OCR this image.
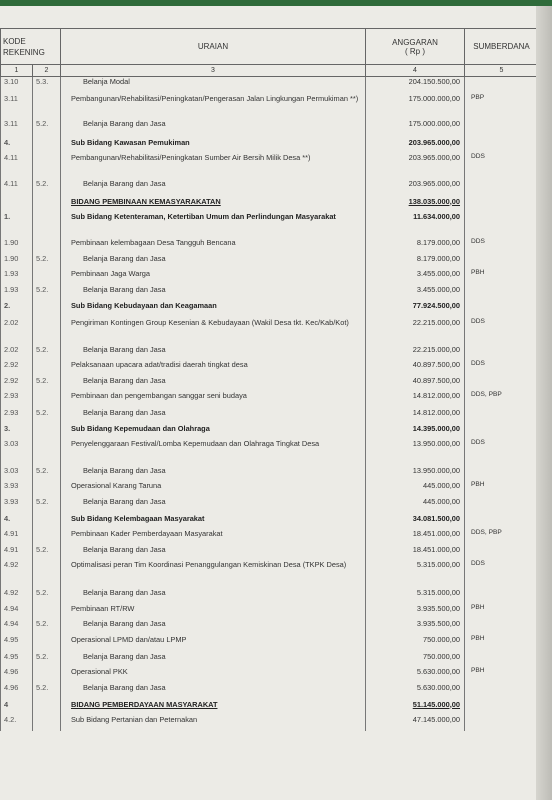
KODE REKENING		URAIAN	ANGGARAN
( Rp )	SUMBERDANA
1	2	3	4	5
3.10	5.3.	Belanja Modal	204.150.500,00	
3.11		Pembangunan/Rehabilitasi/Peningkatan/Pengerasan Jalan Lingkungan Permukiman **)	175.000.000,00	PBP
3.11	5.2.	Belanja Barang dan Jasa	175.000.000,00	
4.		Sub Bidang Kawasan Pemukiman	203.965.000,00	
4.11		Pembangunan/Rehabilitasi/Peningkatan Sumber Air Bersih Milik Desa **)	203.965.000,00	DDS
4.11	5.2.	Belanja Barang dan Jasa	203.965.000,00	
		BIDANG PEMBINAAN KEMASYARAKATAN	138.035.000,00	
1.		Sub Bidang Ketenteraman, Ketertiban Umum dan Perlindungan Masyarakat	11.634.000,00	
1.90		Pembinaan kelembagaan Desa Tangguh Bencana	8.179.000,00	DDS
1.90	5.2.	Belanja Barang dan Jasa	8.179.000,00	
1.93		Pembinaan Jaga Warga	3.455.000,00	PBH
1.93	5.2.	Belanja Barang dan Jasa	3.455.000,00	
2.		Sub Bidang Kebudayaan dan Keagamaan	77.924.500,00	
2.02		Pengiriman Kontingen Group Kesenian & Kebudayaan (Wakil Desa tkt. Kec/Kab/Kot)	22.215.000,00	DDS
2.02	5.2.	Belanja Barang dan Jasa	22.215.000,00	
2.92		Pelaksanaan upacara adat/tradisi daerah tingkat desa	40.897.500,00	DDS
2.92	5.2.	Belanja Barang dan Jasa	40.897.500,00	
2.93		Pembinaan dan pengembangan sanggar seni budaya	14.812.000,00	DDS, PBP
2.93	5.2.	Belanja Barang dan Jasa	14.812.000,00	
3.		Sub Bidang Kepemudaan dan Olahraga	14.395.000,00	
3.03		Penyelenggaraan Festival/Lomba Kepemudaan dan Olahraga Tingkat Desa	13.950.000,00	DDS
3.03	5.2.	Belanja Barang dan Jasa	13.950.000,00	
3.93		Operasional Karang Taruna	445.000,00	PBH
3.93	5.2.	Belanja Barang dan Jasa	445.000,00	
4.		Sub Bidang Kelembagaan Masyarakat	34.081.500,00	
4.91		Pembinaan Kader Pemberdayaan Masyarakat	18.451.000,00	DDS, PBP
4.91	5.2.	Belanja Barang dan Jasa	18.451.000,00	
4.92		Optimalisasi peran Tim Koordinasi Penanggulangan Kemiskinan Desa (TKPK Desa)	5.315.000,00	DDS
4.92	5.2.	Belanja Barang dan Jasa	5.315.000,00	
4.94		Pembinaan RT/RW	3.935.500,00	PBH
4.94	5.2.	Belanja Barang dan Jasa	3.935.500,00	
4.95		Operasional LPMD dan/atau LPMP	750.000,00	PBH
4.95	5.2.	Belanja Barang dan Jasa	750.000,00	
4.96		Operasional PKK	5.630.000,00	PBH
4.96	5.2.	Belanja Barang dan Jasa	5.630.000,00	
4		BIDANG PEMBERDAYAAN MASYARAKAT	51.145.000,00	
4.2.		Sub Bidang Pertanian dan Peternakan	47.145.000,00	
